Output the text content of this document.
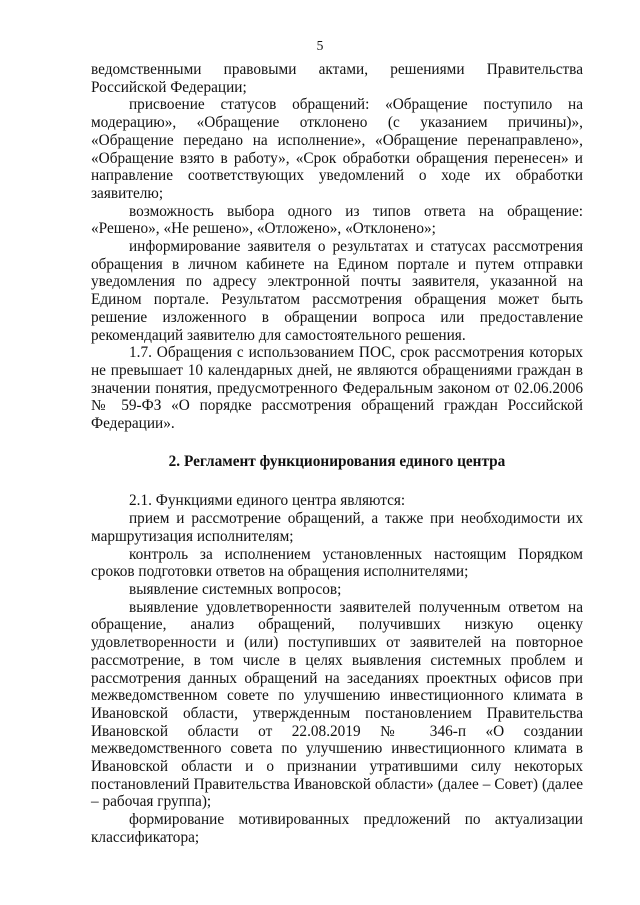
5

ведомственными правовыми актами, решениями Правительства Российской Федерации;

присвоение статусов обращений: «Обращение поступило на модерацию», «Обращение отклонено (с указанием причины)», «Обращение передано на исполнение», «Обращение перенаправлено», «Обращение взято в работу», «Срок обработки обращения перенесен» и направление соответствующих уведомлений о ходе их обработки заявителю;

возможность выбора одного из типов ответа на обращение: «Решено», «Не решено», «Отложено», «Отклонено»;

информирование заявителя о результатах и статусах рассмотрения обращения в личном кабинете на Едином портале и путем отправки уведомления по адресу электронной почты заявителя, указанной на Едином портале. Результатом рассмотрения обращения может быть решение изложенного в обращении вопроса или предоставление рекомендаций заявителю для самостоятельного решения.

1.7. Обращения с использованием ПОС, срок рассмотрения которых не превышает 10 календарных дней, не являются обращениями граждан в значении понятия, предусмотренного Федеральным законом от 02.06.2006 № 59-ФЗ «О порядке рассмотрения обращений граждан Российской Федерации».

2. Регламент функционирования единого центра

2.1. Функциями единого центра являются:

прием и рассмотрение обращений, а также при необходимости их маршрутизация исполнителям;

контроль за исполнением установленных настоящим Порядком сроков подготовки ответов на обращения исполнителями;

выявление системных вопросов;

выявление удовлетворенности заявителей полученным ответом на обращение, анализ обращений, получивших низкую оценку удовлетворенности и (или) поступивших от заявителей на повторное рассмотрение, в том числе в целях выявления системных проблем и рассмотрения данных обращений на заседаниях проектных офисов при межведомственном совете по улучшению инвестиционного климата в Ивановской области, утвержденным постановлением Правительства Ивановской области от 22.08.2019 № 346-п «О создании межведомственного совета по улучшению инвестиционного климата в Ивановской области и о признании утратившими силу некоторых постановлений Правительства Ивановской области» (далее – Совет) (далее – рабочая группа);

формирование мотивированных предложений по актуализации классификатора;
